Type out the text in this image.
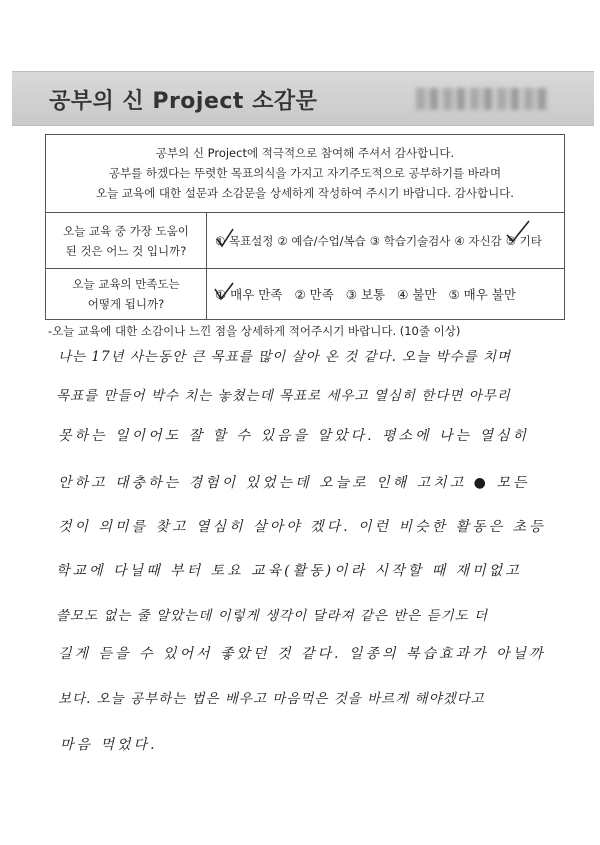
공부의 신 Project 소감문
공부의 신 Project에 적극적으로 참여해 주셔서 감사합니다.
공부를 하겠다는 뚜렷한 목표의식을 가지고 자기주도적으로 공부하기를 바라며
오늘 교육에 대한 설문과 소감문을 상세하게 작성하여 주시기 바랍니다. 감사합니다.
오늘 교육 중 가장 도움이
된 것은 어느 것 입니까?
① 목표설정 ② 예습/수업/복습 ③ 학습기술검사 ④ 자신감 ⑤ 기타
오늘 교육의 만족도는
어떻게 됩니까?
① 매우 만족 ② 만족 ③ 보통 ④ 불만 ⑤ 매우 불만
-오늘 교육에 대한 소감이나 느낀 점을 상세하게 적어주시기 바랍니다. (10줄 이상)
나는 17년 사는동안 큰 목표를 많이 살아 온 것 같다. 오늘 박수를 치며
목표를 만들어 박수 치는 놓쳤는데 목표로 세우고 열심히 한다면 아무리
못하는 일이어도 잘 할 수 있음을 알았다. 평소에 나는 열심히
안하고 대충하는 경험이 있었는데 오늘로 인해 고치고 ● 모든
것이 의미를 찾고 열심히 살아야 겠다. 이런 비슷한 활동은 초등
학교에 다닐때 부터 토요 교육(활동)이라 시작할 때 재미없고
쓸모도 없는 줄 알았는데 이렇게 생각이 달라져 같은 반은 듣기도 더
길게 듣을 수 있어서 좋았던 것 같다. 일종의 복습효과가 아닐까
보다. 오늘 공부하는 법은 배우고 마음먹은 것을 바르게 해야겠다고
마음 먹었다.
